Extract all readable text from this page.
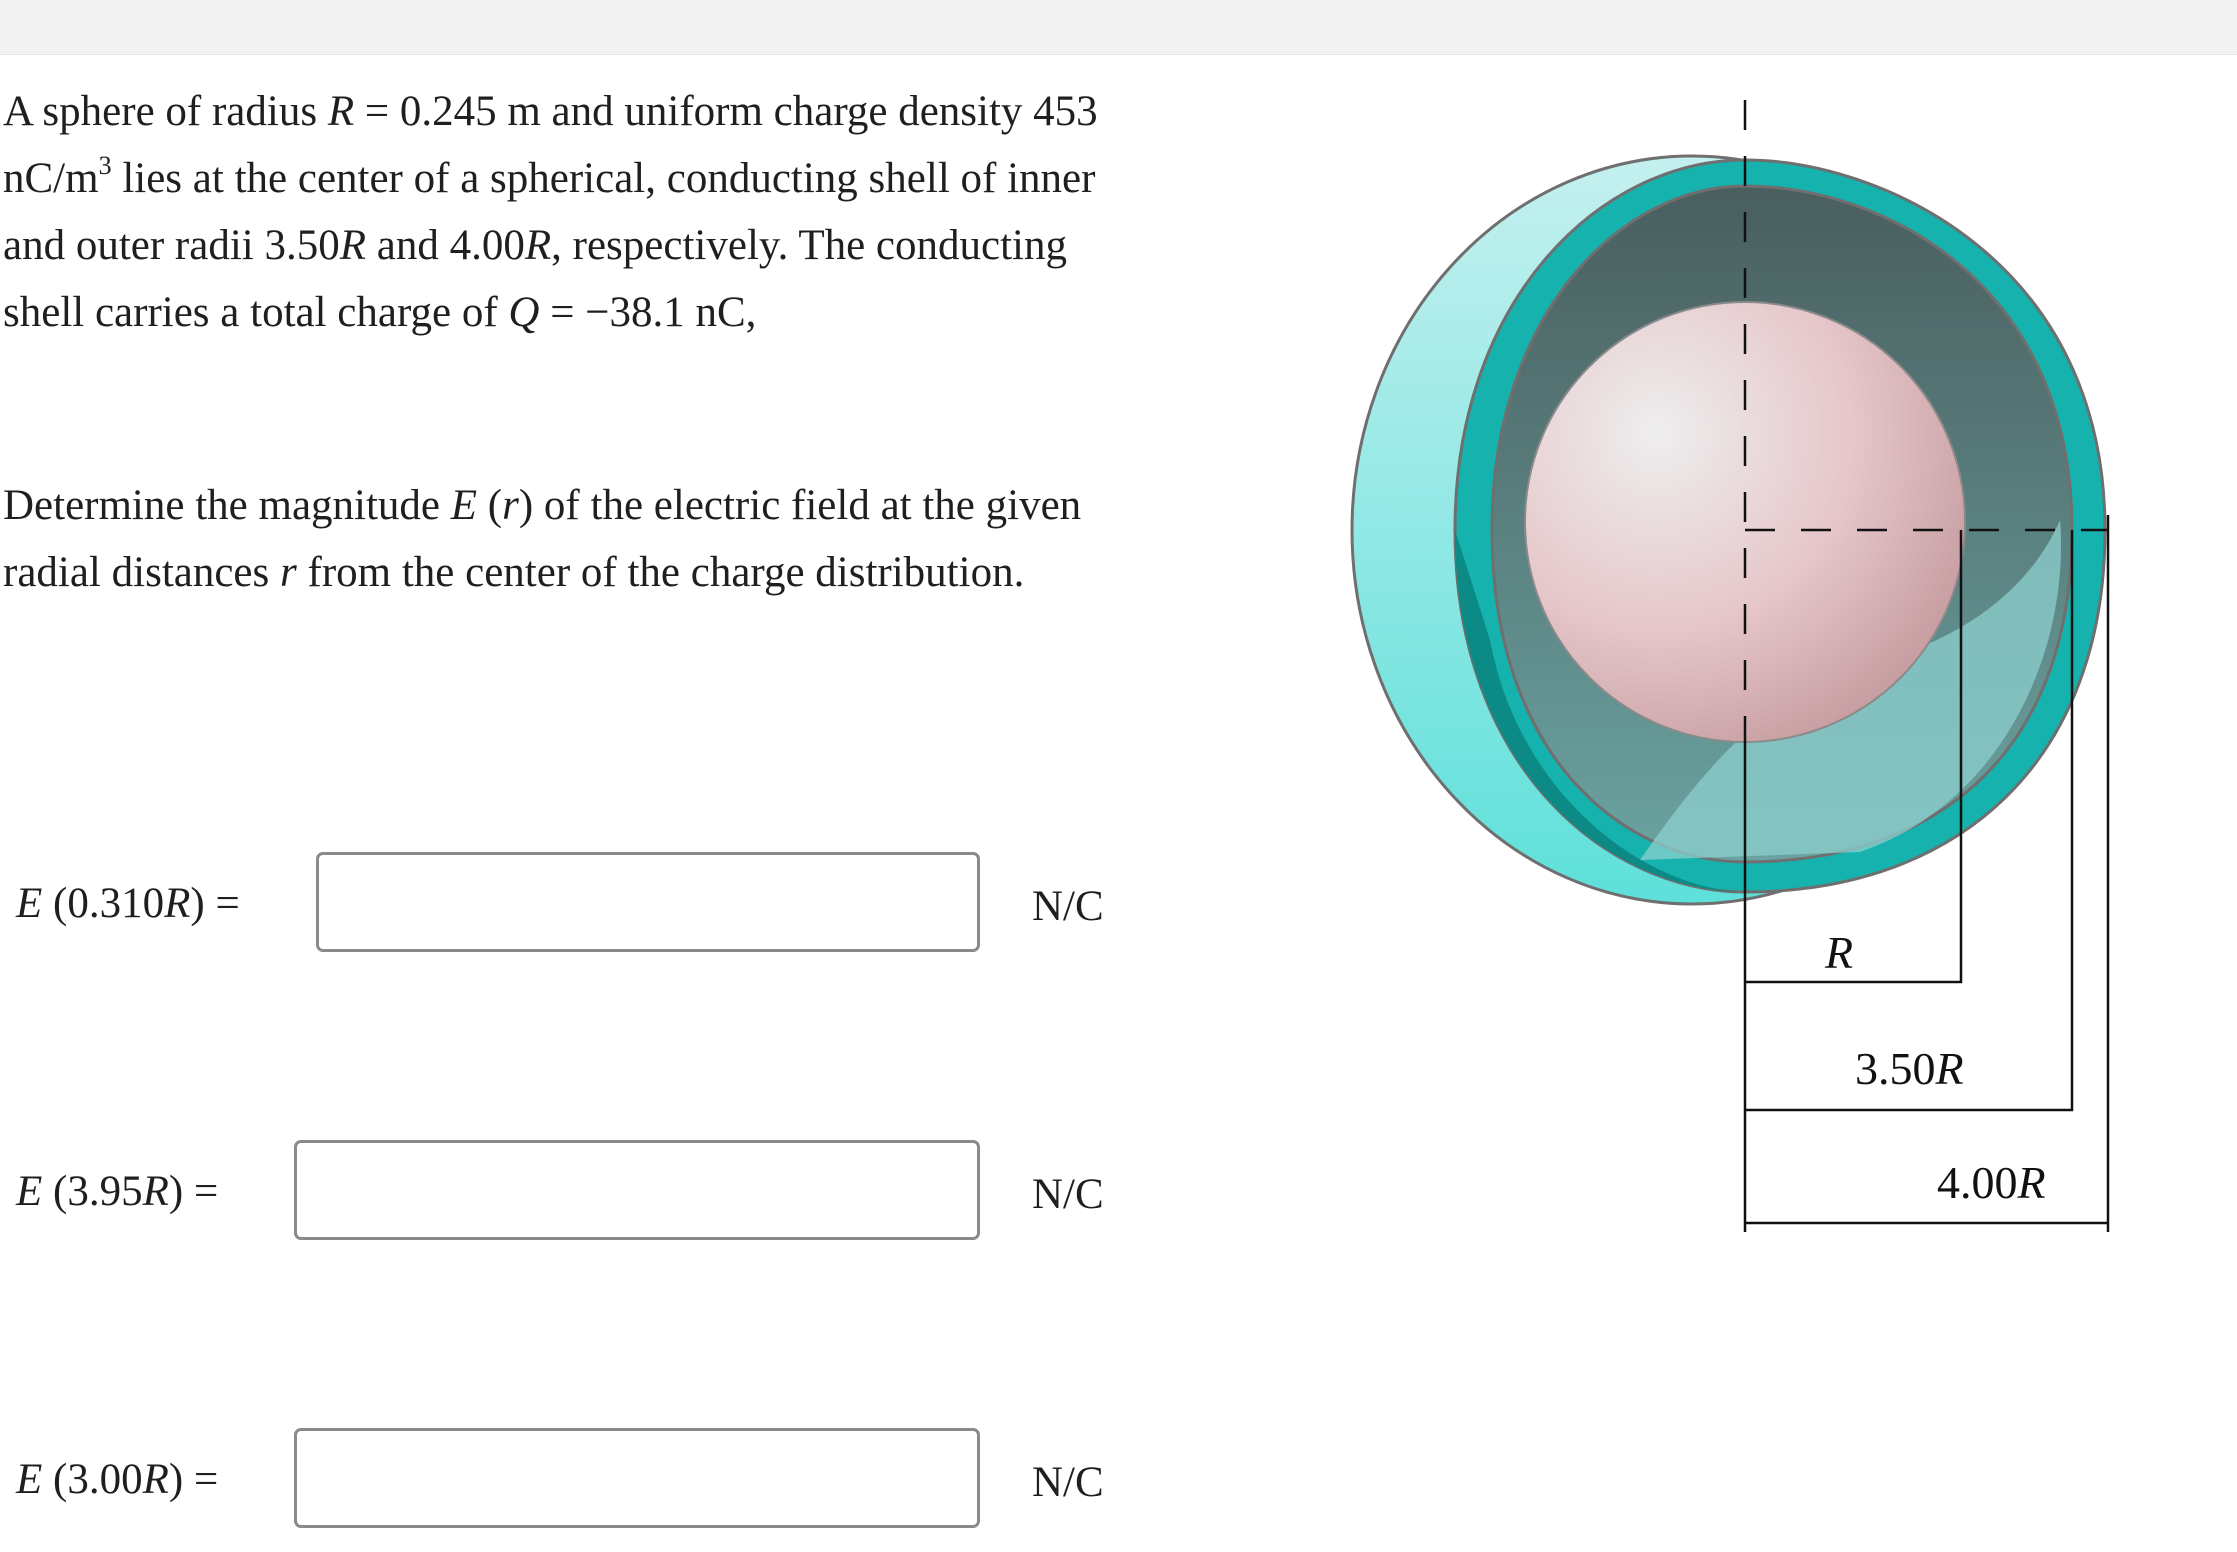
A sphere of radius R = 0.245 m and uniform charge density 453 $nC/m^3$ lies at the center of a spherical, conducting shell of inner and outer radii 3.50R and 4.00R, respectively. The conducting shell carries a total charge of Q = −38.1 nC,

Determine the magnitude E (r) of the electric field at the given radial distances r from the center of the charge distribution.

E (0.310R) =	N/C
E (3.95R) =	N/C
E (3.00R) =	N/C
R
3.50R
4.00R
